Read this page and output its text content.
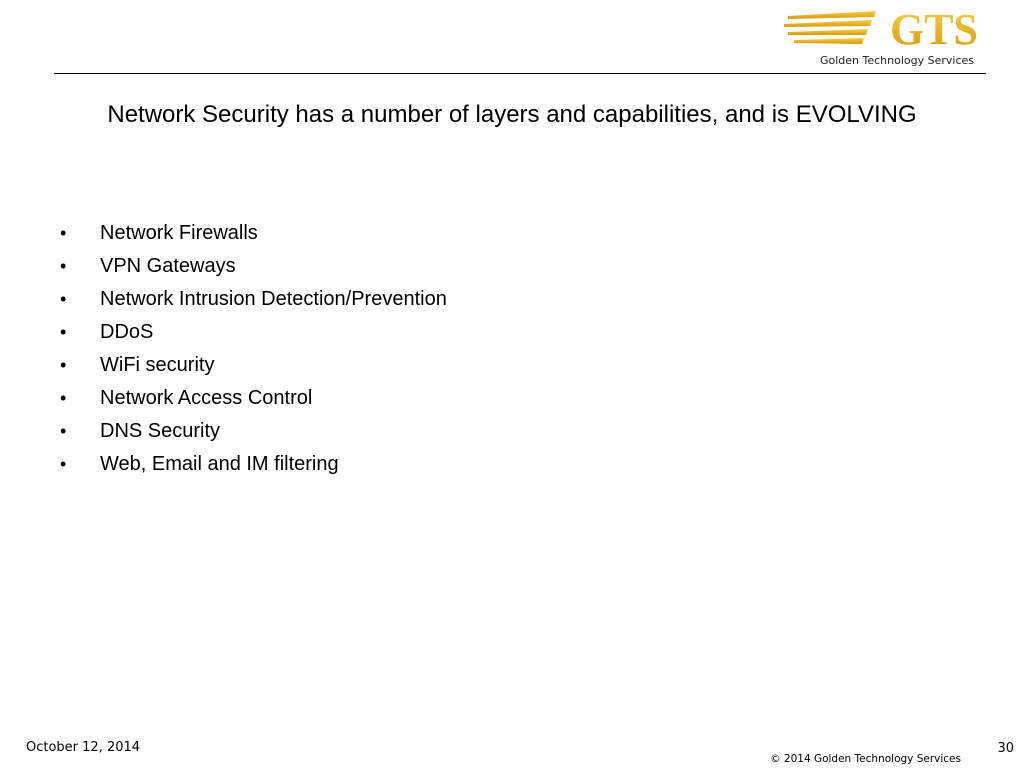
GTS
Golden Technology Services
Network Security has a number of layers and capabilities, and is EVOLVING
• Network Firewalls
• VPN Gateways
• Network Intrusion Detection/Prevention
• DDoS
• WiFi security
• Network Access Control
• DNS Security
• Web, Email and IM filtering
October 12, 2014
© 2014 Golden Technology Services
30
